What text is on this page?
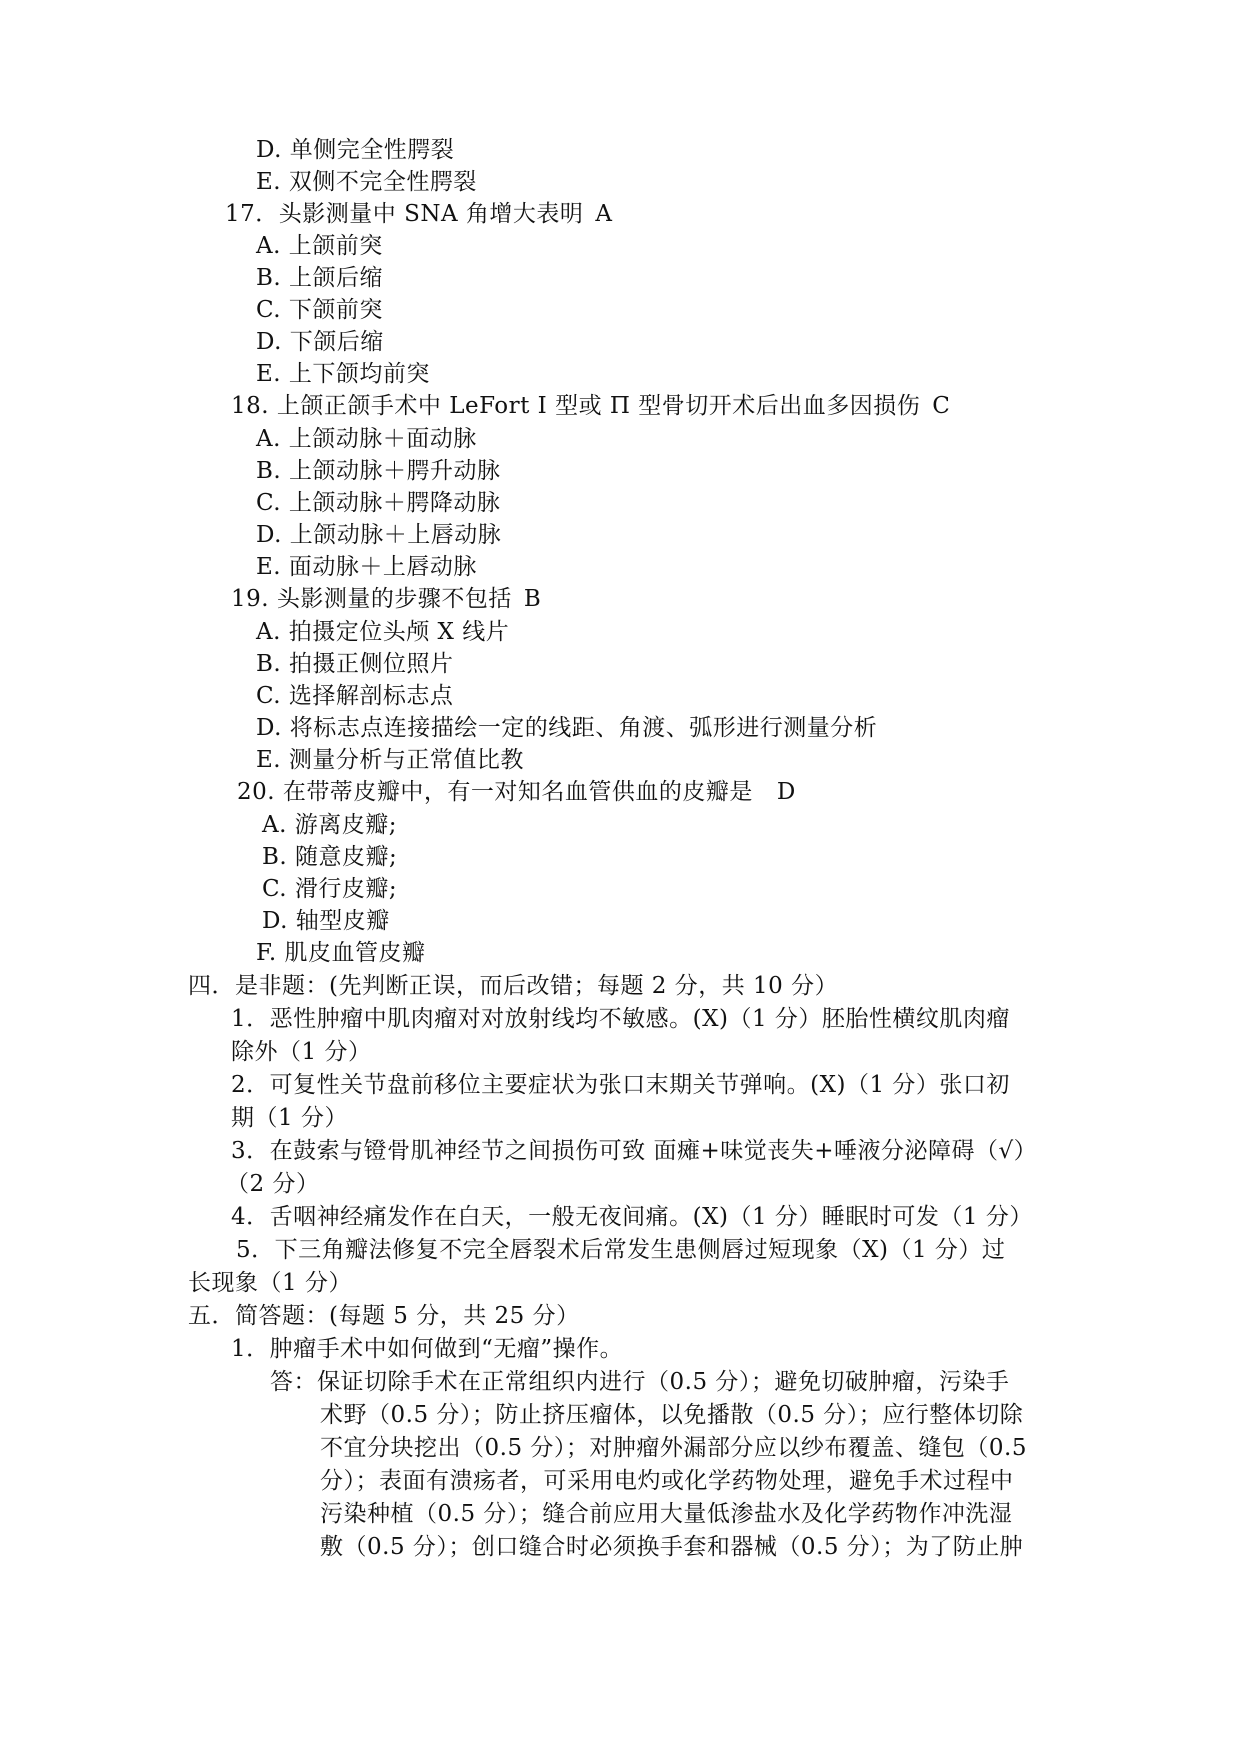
D. 单侧完全性腭裂
E. 双侧不完全性腭裂
17．头影测量中 SNA 角增大表明 A
A. 上颌前突
B. 上颌后缩
C. 下颌前突
D. 下颌后缩
E. 上下颌均前突
18. 上颌正颌手术中 LeFort I 型或 Π 型骨切开术后出血多因损伤 C
A. 上颌动脉＋面动脉
B. 上颌动脉＋腭升动脉
C. 上颌动脉＋腭降动脉
D. 上颌动脉＋上唇动脉
E. 面动脉＋上唇动脉
19. 头影测量的步骤不包括 B
A. 拍摄定位头颅 X 线片
B. 拍摄正侧位照片
C. 选择解剖标志点
D. 将标志点连接描绘一定的线距、角渡、弧形进行测量分析
E. 测量分析与正常值比教
20. 在带蒂皮瓣中，有一对知名血管供血的皮瓣是 D
A. 游离皮瓣;
B. 随意皮瓣;
C. 滑行皮瓣;
D. 轴型皮瓣
F. 肌皮血管皮瓣
四．是非题：(先判断正误，而后改错；每题 2 分，共 10 分）
1．恶性肿瘤中肌肉瘤对对放射线均不敏感。(X)（1 分）胚胎性横纹肌肉瘤
除外（1 分）
2．可复性关节盘前移位主要症状为张口末期关节弹响。(X)（1 分）张口初
期（1 分）
3．在鼓索与镫骨肌神经节之间损伤可致 面瘫+味觉丧失+唾液分泌障碍（√）
（2 分）
4．舌咽神经痛发作在白天，一般无夜间痛。(X)（1 分）睡眠时可发（1 分）
5．下三角瓣法修复不完全唇裂术后常发生患侧唇过短现象（X)（1 分）过
长现象（1 分）
五．简答题：(每题 5 分，共 25 分）
1．肿瘤手术中如何做到“无瘤”操作。
答：保证切除手术在正常组织内进行（0.5 分）；避免切破肿瘤，污染手
术野（0.5 分）；防止挤压瘤体，以免播散（0.5 分）；应行整体切除
不宜分块挖出（0.5 分）；对肿瘤外漏部分应以纱布覆盖、缝包（0.5
分）；表面有溃疡者，可采用电灼或化学药物处理，避免手术过程中
污染种植（0.5 分）；缝合前应用大量低渗盐水及化学药物作冲洗湿
敷（0.5 分）；创口缝合时必须换手套和器械（0.5 分）；为了防止肿
